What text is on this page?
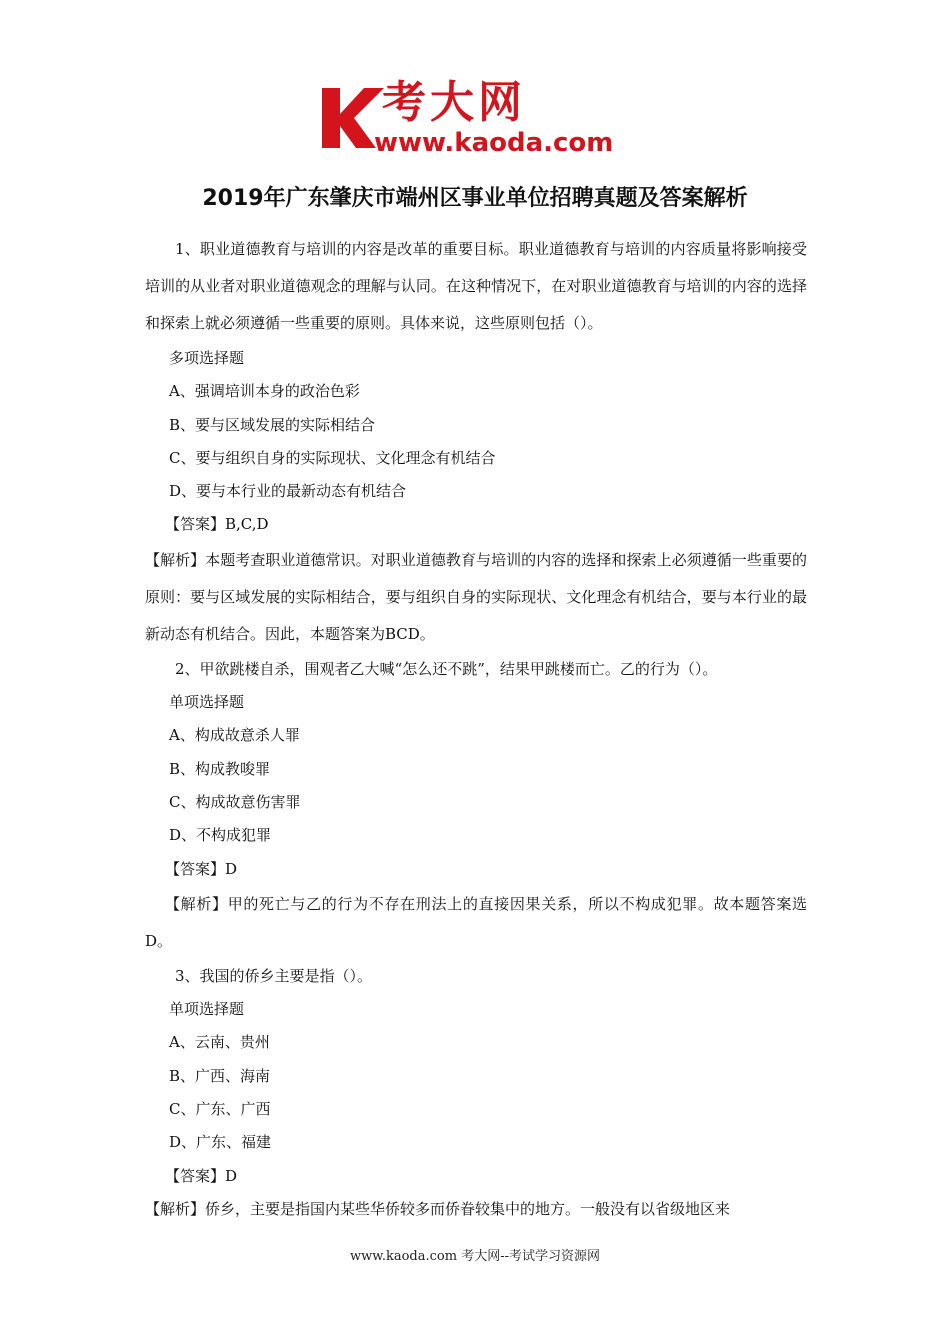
考大网
www.kaoda.com
2019年广东肇庆市端州区事业单位招聘真题及答案解析
1、职业道德教育与培训的内容是改革的重要目标。职业道德教育与培训的内容质量将影响接受培训的从业者对职业道德观念的理解与认同。在这种情况下，在对职业道德教育与培训的内容的选择和探索上就必须遵循一些重要的原则。具体来说，这些原则包括（）。
多项选择题
A、强调培训本身的政治色彩
B、要与区域发展的实际相结合
C、要与组织自身的实际现状、文化理念有机结合
D、要与本行业的最新动态有机结合
【答案】B,C,D
【解析】本题考查职业道德常识。对职业道德教育与培训的内容的选择和探索上必须遵循一些重要的原则：要与区域发展的实际相结合，要与组织自身的实际现状、文化理念有机结合，要与本行业的最新动态有机结合。因此，本题答案为BCD。
2、甲欲跳楼自杀，围观者乙大喊“怎么还不跳”，结果甲跳楼而亡。乙的行为（）。
单项选择题
A、构成故意杀人罪
B、构成教唆罪
C、构成故意伤害罪
D、不构成犯罪
【答案】D
【解析】甲的死亡与乙的行为不存在刑法上的直接因果关系，所以不构成犯罪。故本题答案选D。
3、我国的侨乡主要是指（）。
单项选择题
A、云南、贵州
B、广西、海南
C、广东、广西
D、广东、福建
【答案】D
【解析】侨乡，主要是指国内某些华侨较多而侨眷较集中的地方。一般没有以省级地区来
www.kaoda.com 考大网--考试学习资源网
